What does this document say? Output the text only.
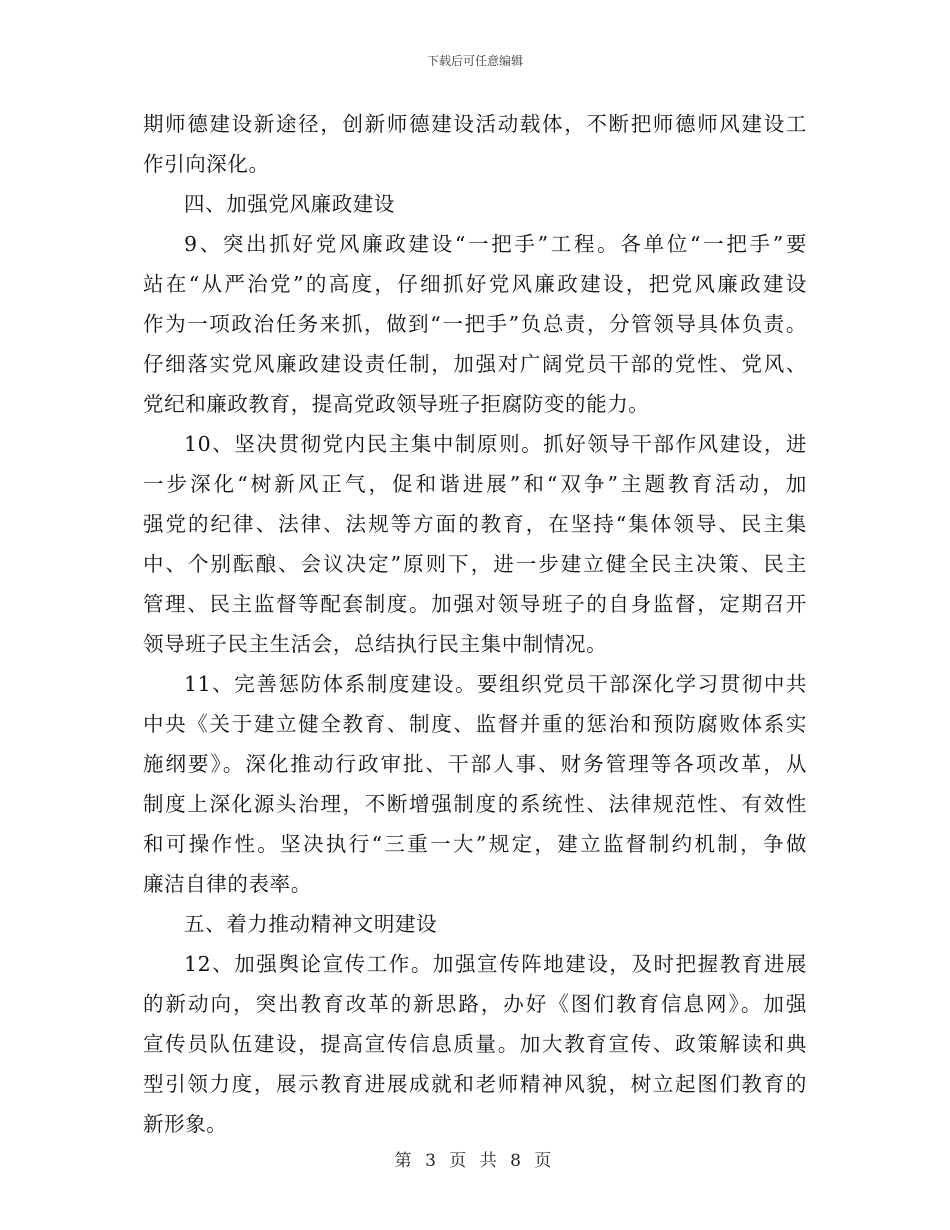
下载后可任意编辑
期师德建设新途径，创新师德建设活动载体，不断把师德师风建设工
作引向深化。
四、加强党风廉政建设
9、突出抓好党风廉政建设“一把手”工程。各单位“一把手”要
站在“从严治党”的高度，仔细抓好党风廉政建设，把党风廉政建设
作为一项政治任务来抓，做到“一把手”负总责，分管领导具体负责。
仔细落实党风廉政建设责任制，加强对广阔党员干部的党性、党风、
党纪和廉政教育，提高党政领导班子拒腐防变的能力。
10、坚决贯彻党内民主集中制原则。抓好领导干部作风建设，进
一步深化“树新风正气，促和谐进展”和“双争”主题教育活动，加
强党的纪律、法律、法规等方面的教育，在坚持“集体领导、民主集
中、个别酝酿、会议决定”原则下，进一步建立健全民主决策、民主
管理、民主监督等配套制度。加强对领导班子的自身监督，定期召开
领导班子民主生活会，总结执行民主集中制情况。
11、完善惩防体系制度建设。要组织党员干部深化学习贯彻中共
中央《关于建立健全教育、制度、监督并重的惩治和预防腐败体系实
施纲要》。深化推动行政审批、干部人事、财务管理等各项改革，从
制度上深化源头治理，不断增强制度的系统性、法律规范性、有效性
和可操作性。坚决执行“三重一大”规定，建立监督制约机制，争做
廉洁自律的表率。
五、着力推动精神文明建设
12、加强舆论宣传工作。加强宣传阵地建设，及时把握教育进展
的新动向，突出教育改革的新思路，办好《图们教育信息网》。加强
宣传员队伍建设，提高宣传信息质量。加大教育宣传、政策解读和典
型引领力度，展示教育进展成就和老师精神风貌，树立起图们教育的
新形象。
第 3 页 共 8 页
